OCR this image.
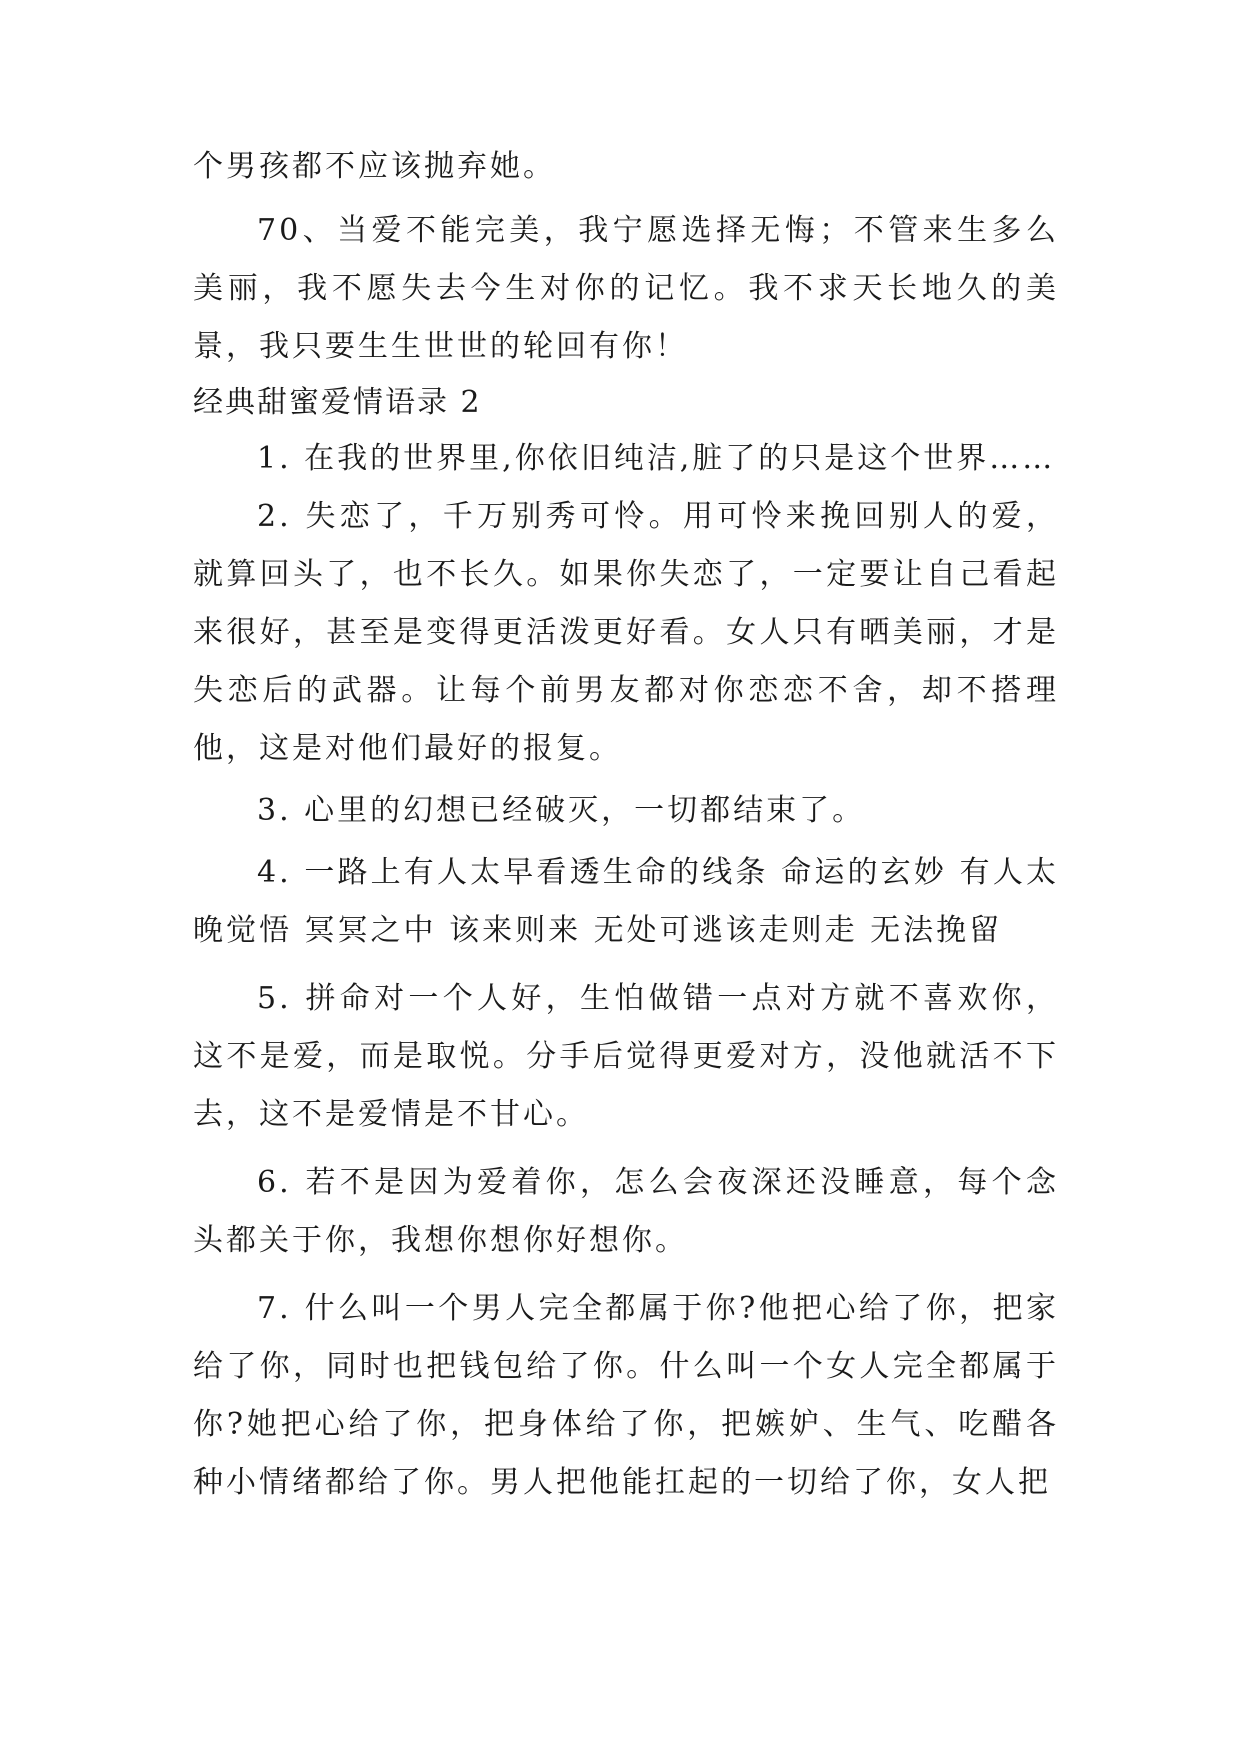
个男孩都不应该抛弃她。

70、当爱不能完美，我宁愿选择无悔；不管来生多么美丽，我不愿失去今生对你的记忆。我不求天长地久的美景，我只要生生世世的轮回有你！

经典甜蜜爱情语录 2

1. 在我的世界里,你依旧纯洁,脏了的只是这个世界……

2. 失恋了，千万别秀可怜。用可怜来挽回别人的爱，就算回头了，也不长久。如果你失恋了，一定要让自己看起来很好，甚至是变得更活泼更好看。女人只有晒美丽，才是失恋后的武器。让每个前男友都对你恋恋不舍，却不搭理他，这是对他们最好的报复。

3. 心里的幻想已经破灭，一切都结束了。

4. 一路上有人太早看透生命的线条 命运的玄妙 有人太晚觉悟 冥冥之中 该来则来 无处可逃该走则走 无法挽留

5. 拼命对一个人好，生怕做错一点对方就不喜欢你，这不是爱，而是取悦。分手后觉得更爱对方，没他就活不下去，这不是爱情是不甘心。

6. 若不是因为爱着你，怎么会夜深还没睡意，每个念头都关于你，我想你想你好想你。

7. 什么叫一个男人完全都属于你?他把心给了你，把家给了你，同时也把钱包给了你。什么叫一个女人完全都属于你?她把心给了你，把身体给了你，把嫉妒、生气、吃醋各种小情绪都给了你。男人把他能扛起的一切给了你，女人把
